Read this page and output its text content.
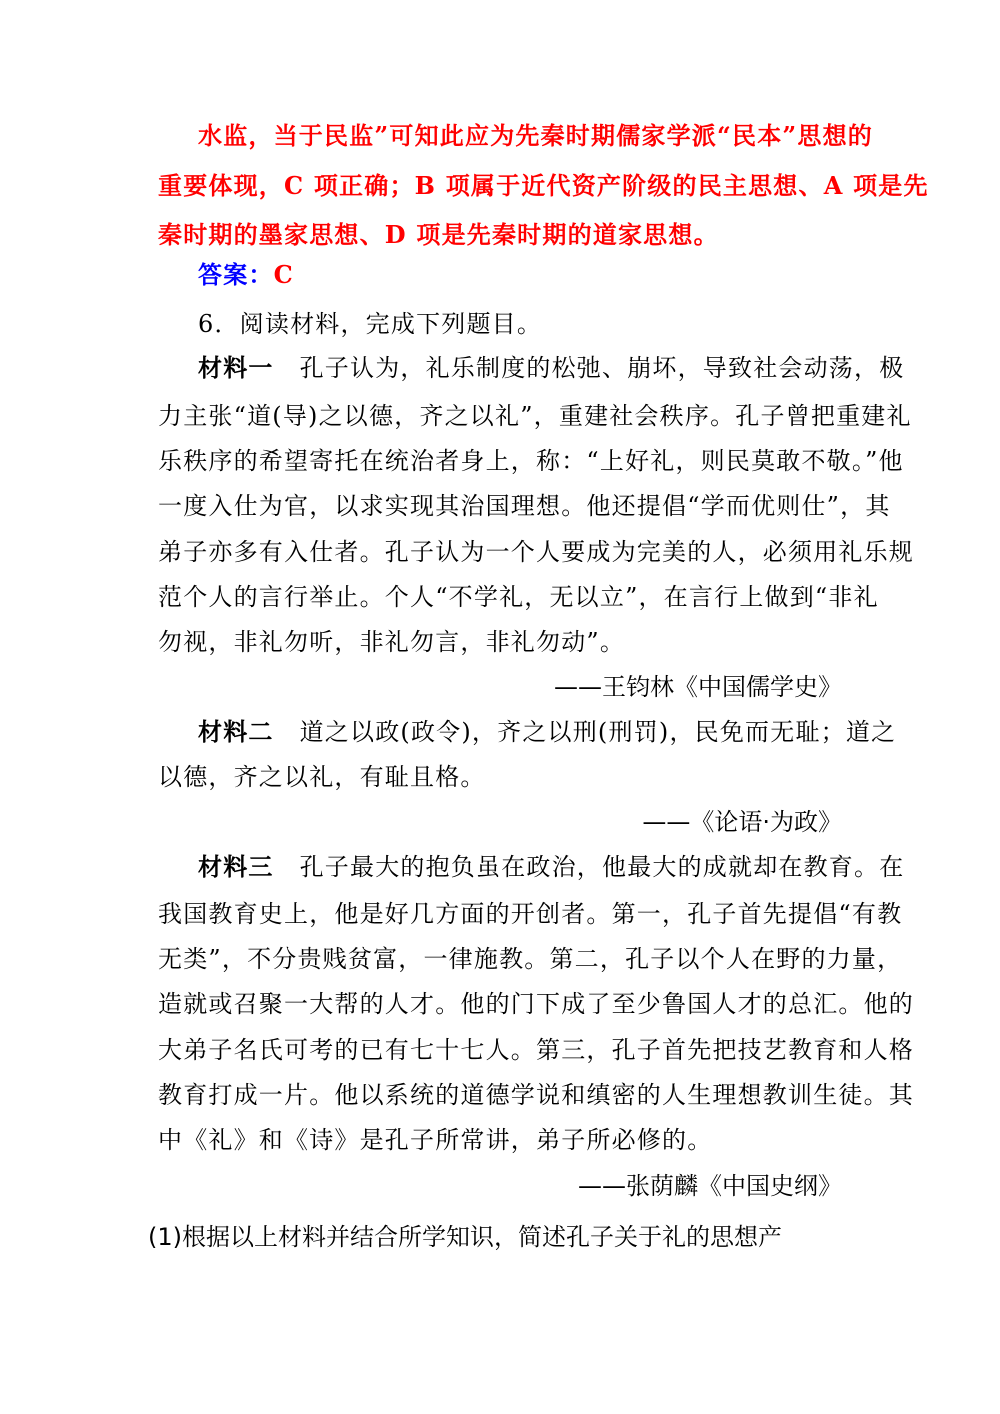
水监，当于民监”可知此应为先秦时期儒家学派“民本”思想的
重要体现，C 项正确；B 项属于近代资产阶级的民主思想、A 项是先
秦时期的墨家思想、D 项是先秦时期的道家思想。
答案：C
6．阅读材料，完成下列题目。
材料一 孔子认为，礼乐制度的松弛、崩坏，导致社会动荡，极
力主张“道(导)之以德，齐之以礼”，重建社会秩序。孔子曾把重建礼
乐秩序的希望寄托在统治者身上，称：“上好礼，则民莫敢不敬。”他
一度入仕为官，以求实现其治国理想。他还提倡“学而优则仕”，其
弟子亦多有入仕者。孔子认为一个人要成为完美的人，必须用礼乐规
范个人的言行举止。个人“不学礼，无以立”，在言行上做到“非礼
勿视，非礼勿听，非礼勿言，非礼勿动”。
——王钧林《中国儒学史》
材料二 道之以政(政令)，齐之以刑(刑罚)，民免而无耻；道之
以德，齐之以礼，有耻且格。
——《论语·为政》
材料三 孔子最大的抱负虽在政治，他最大的成就却在教育。在
我国教育史上，他是好几方面的开创者。第一，孔子首先提倡“有教
无类”，不分贵贱贫富，一律施教。第二，孔子以个人在野的力量，
造就或召聚一大帮的人才。他的门下成了至少鲁国人才的总汇。他的
大弟子名氏可考的已有七十七人。第三，孔子首先把技艺教育和人格
教育打成一片。他以系统的道德学说和缜密的人生理想教训生徒。其
中《礼》和《诗》是孔子所常讲，弟子所必修的。
——张荫麟《中国史纲》
(1)根据以上材料并结合所学知识，简述孔子关于礼的思想产
